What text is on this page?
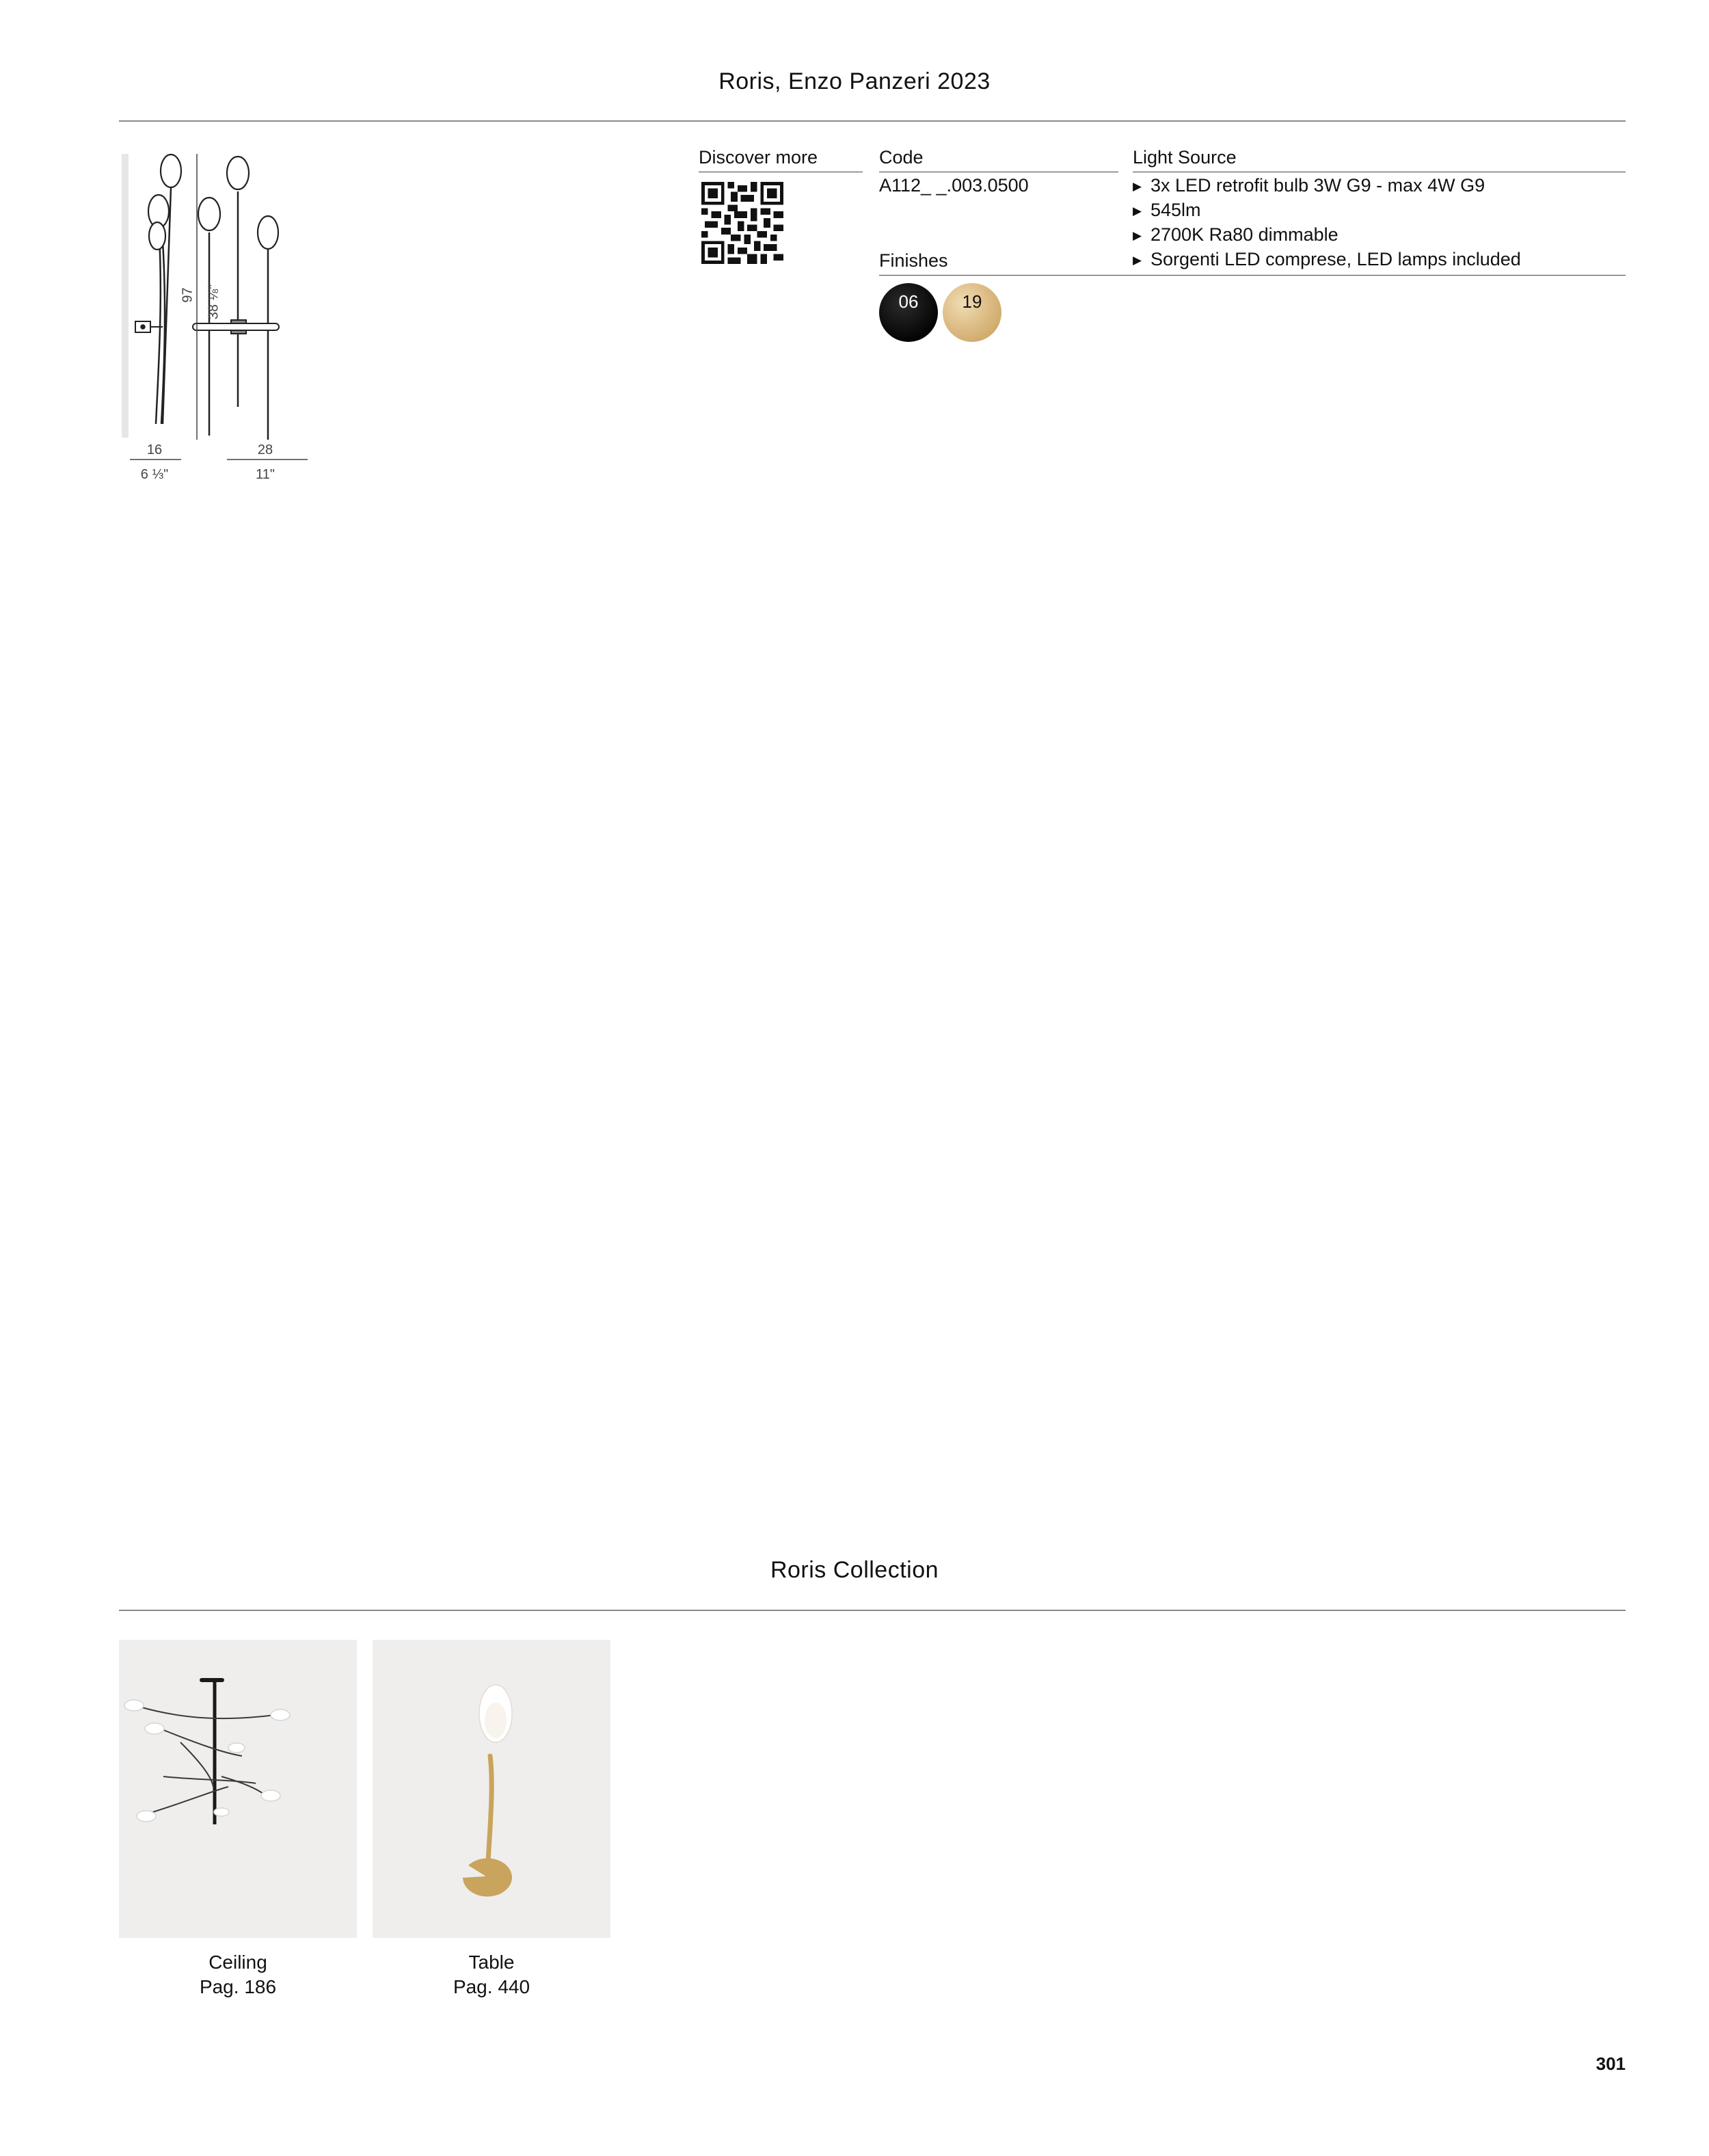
Roris, Enzo Panzeri 2023
97 38 ⅛"
16
6 ⅓"
28
11"
Discover more	Code
A112_ _.003.0500
Finishes
06	19
Light Source
▶ 3x LED retrofit bulb 3W G9 - max 4W G9
▶ 545lm
▶ 2700K Ra80 dimmable
▶ Sorgenti LED comprese, LED lamps included
Roris Collection
Ceiling
Pag. 186
Table
Pag. 440
301
